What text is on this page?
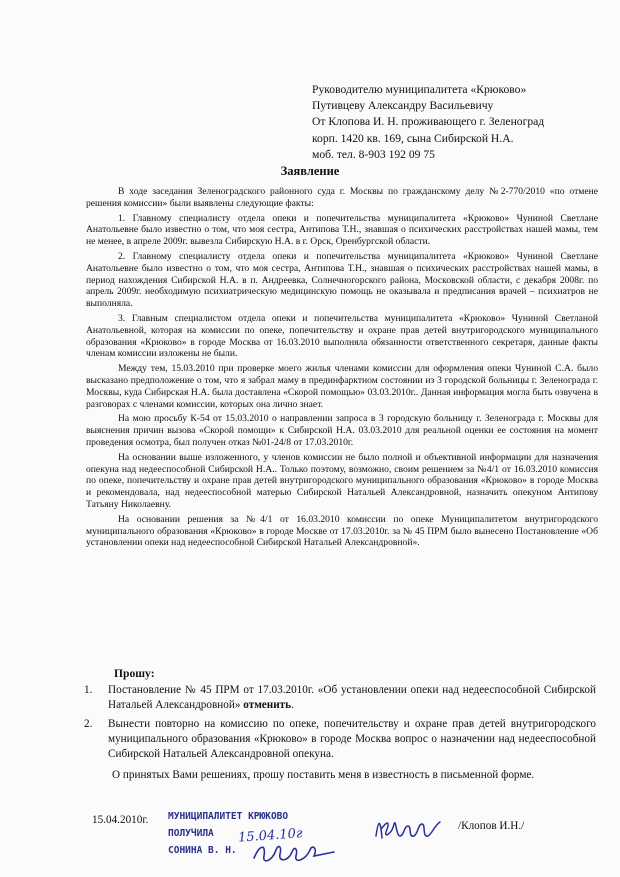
Руководителю муниципалитета «Крюково»
Путивцеву Александру Васильевичу
От Клопова И. Н. проживающего г. Зеленоград
корп. 1420 кв. 169, сына Сибирской Н.А.
моб. тел. 8-903 192 09 75
Заявление

В ходе заседания Зеленоградского районного суда г. Москвы по гражданскому делу №2-770/2010 «по отмене решения комиссии» были выявлены следующие факты:

1. Главному специалисту отдела опеки и попечительства муниципалитета «Крюково» Чуниной Светлане Анатольевне было известно о том, что моя сестра, Антипова Т.Н., знавшая о психических расстройствах нашей мамы, тем не менее, в апреле 2009г. вывезла Сибирскую Н.А. в г. Орск, Оренбургской области.

2. Главному специалисту отдела опеки и попечительства муниципалитета «Крюково» Чуниной Светлане Анатольевне было известно о том, что моя сестра, Антипова Т.Н., знавшая о психических расстройствах нашей мамы, в период нахождения Сибирской Н.А. в п. Андреевка, Солнечногорского района, Московской области, с декабря 2008г. по апрель 2009г. необходимую психиатрическую медицинскую помощь не оказывала и предписания врачей – психиатров не выполняла.

3. Главным специалистом отдела опеки и попечительства муниципалитета «Крюково» Чуниной Светланой Анатольевной, которая на комиссии по опеке, попечительству и охране прав детей внутригородского муниципального образования «Крюково» в городе Москва от 16.03.2010 выполняла обязанности ответственного секретаря, данные факты членам комиссии изложены не были.

Между тем, 15.03.2010 при проверке моего жилья членами комиссии для оформления опеки Чуниной С.А. было высказано предположение о том, что я забрал маму в прединфарктном состоянии из 3 городской больницы г. Зеленограда г. Москвы, куда Сибирская Н.А. была доставлена «Скорой помощью» 03.03.2010г.. Данная информация могла быть озвучена в разговорах с членами комиссии, которых она лично знает.

На мою просьбу К-54 от 15.03.2010 о направлении запроса в 3 городскую больницу г. Зеленограда г. Москвы для выяснения причин вызова «Скорой помощи» к Сибирской Н.А. 03.03.2010 для реальной оценки ее состояния на момент проведения осмотра, был получен отказ №01-24/8 от 17.03.2010г.

На основании выше изложенного, у членов комиссии не было полной и объективной информации для назначения опекуна над недееспособной Сибирской Н.А.. Только поэтому, возможно, своим решением за №4/1 от 16.03.2010 комиссия по опеке, попечительству и охране прав детей внутригородского муниципального образования «Крюково» в городе Москва и рекомендовала, над недееспособной матерью Сибирской Натальей Александровной, назначить опекуном Антипову Татьяну Николаевну.

На основании решения за №4/1 от 16.03.2010 комиссии по опеке Муниципалитетом внутригородского муниципального образования «Крюково» в городе Москве от 17.03.2010г. за № 45 ПРМ было вынесено Постановление «Об установлении опеки над недееспособной Сибирской Натальей Александровной».

Прошу:
1.	Постановление № 45 ПРМ от 17.03.2010г. «Об установлении опеки над недееспособной Сибирской Натальей Александровной» отменить.
2.	Вынести повторно на комиссию по опеке, попечительству и охране прав детей внутригородского муниципального образования «Крюково» в городе Москва вопрос о назначении над недееспособной Сибирской Натальей Александровной опекуна.
О принятых Вами решениях, прошу поставить меня в известность в письменной форме.
15.04.2010г. МУНИЦИПАЛИТЕТ КРЮКОВО
ПОЛУЧИЛА
СОНИНА В. Н.
15.04.10г
/Клопов И.Н./
